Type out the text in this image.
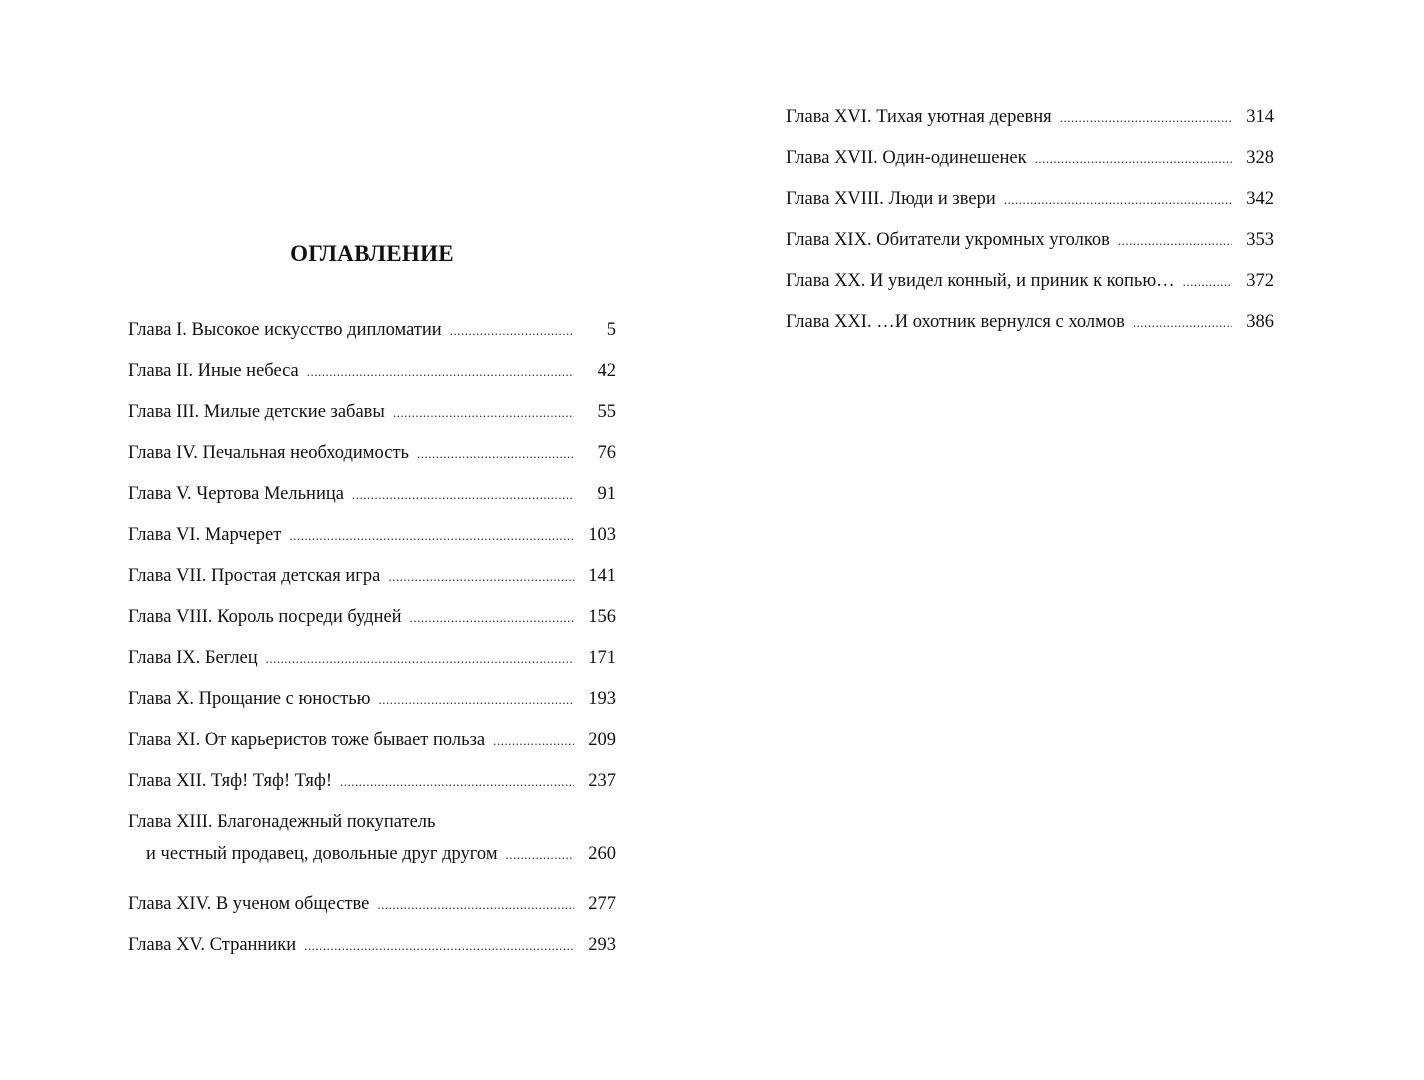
ОГЛАВЛЕНИЕ
Глава I. Высокое искусство дипломатии .....	5
Глава II. Иные небеса .....	42
Глава III. Милые детские забавы .....	55
Глава IV. Печальная необходимость .....	76
Глава V. Чертова Мельница .....	91
Глава VI. Марчерет .....	103
Глава VII. Простая детская игра .....	141
Глава VIII. Король посреди будней .....	156
Глава IX. Беглец .....	171
Глава X. Прощание с юностью .....	193
Глава XI. От карьеристов тоже бывает польза .....	209
Глава XII. Тяф! Тяф! Тяф! .....	237
Глава XIII. Благонадежный покупатель
и честный продавец, довольные друг другом .....	260
Глава XIV. В ученом обществе .....	277
Глава XV. Странники .....	293
Глава XVI. Тихая уютная деревня .....	314
Глава XVII. Один-одинешенек .....	328
Глава XVIII. Люди и звери .....	342
Глава XIX. Обитатели укромных уголков .....	353
Глава XX. И увидел конный, и приник к копью… .....	372
Глава XXI. …И охотник вернулся с холмов .....	386
